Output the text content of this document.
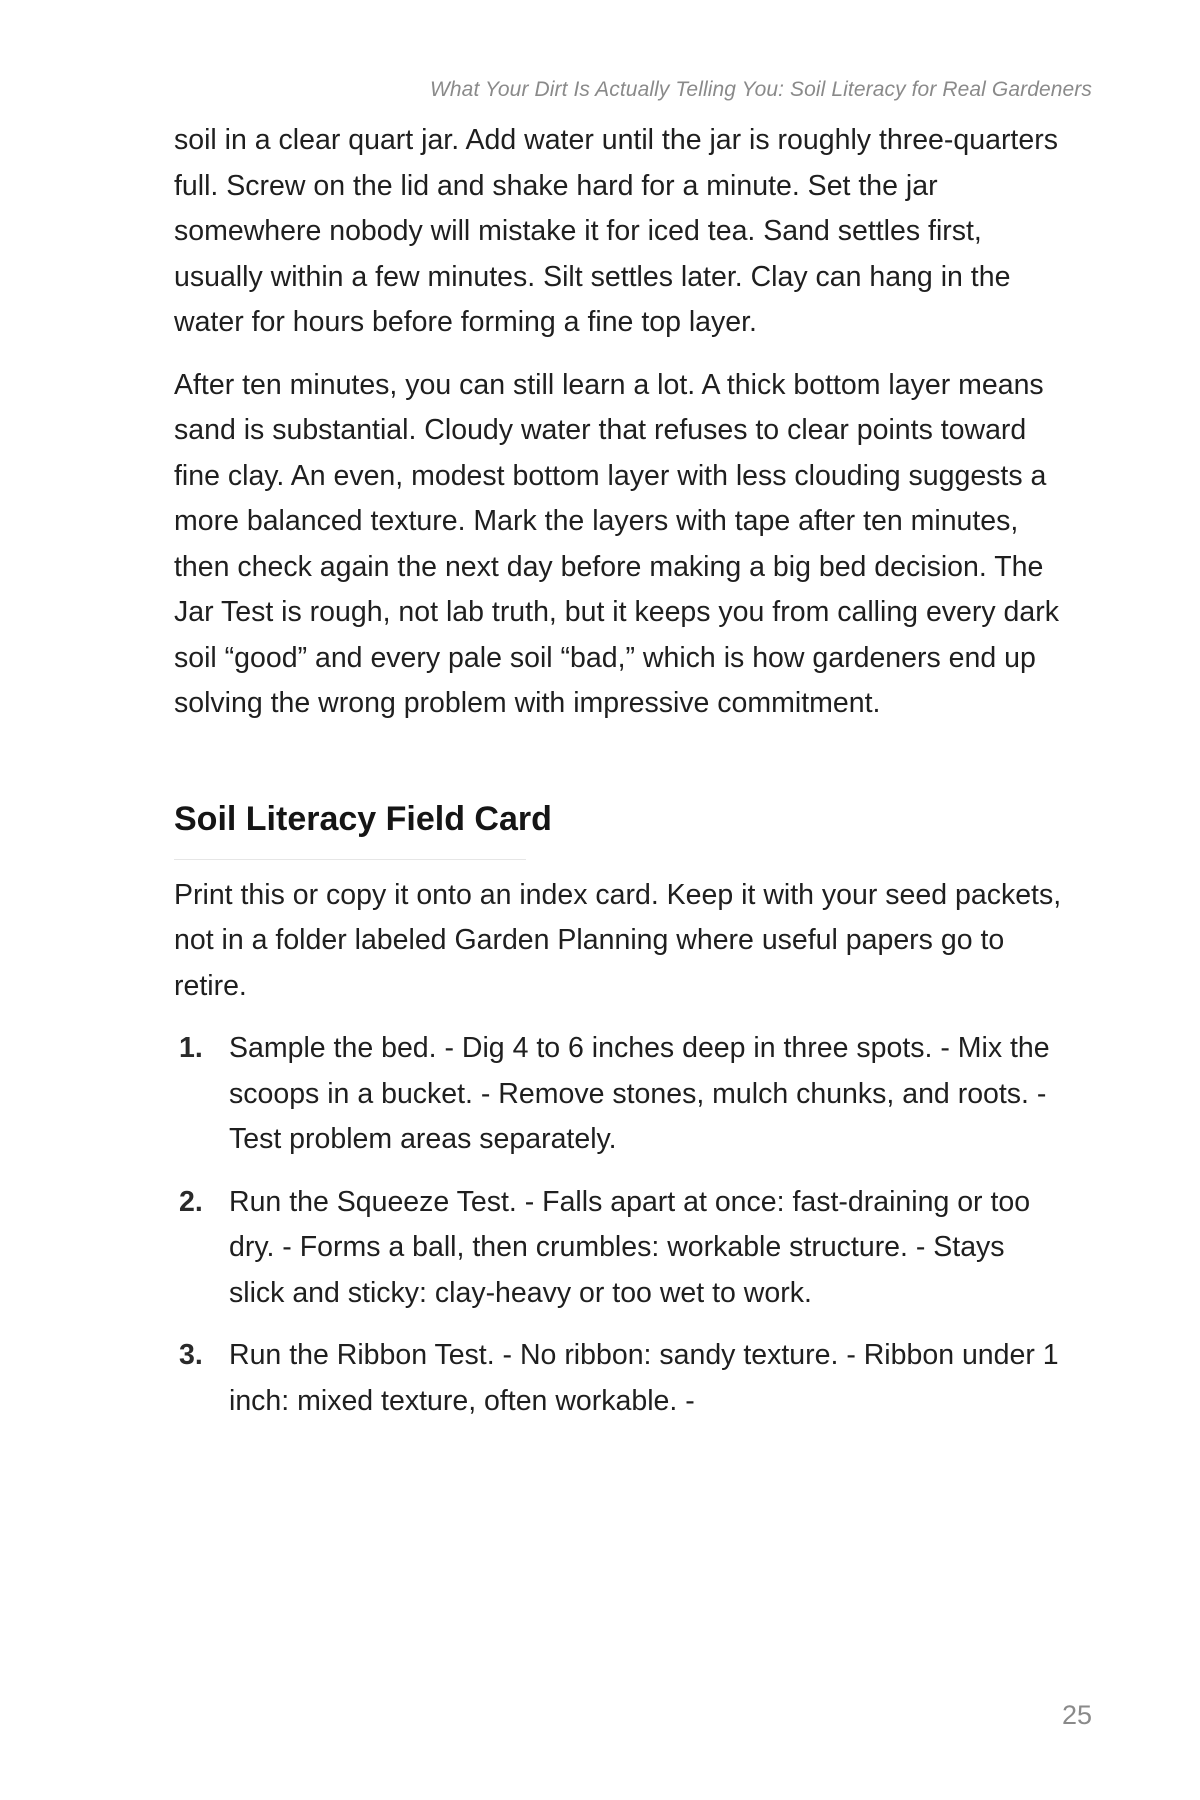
What Your Dirt Is Actually Telling You: Soil Literacy for Real Gardeners

soil in a clear quart jar. Add water until the jar is roughly three-quarters full. Screw on the lid and shake hard for a minute. Set the jar somewhere nobody will mistake it for iced tea. Sand settles first, usually within a few minutes. Silt settles later. Clay can hang in the water for hours before forming a fine top layer.

After ten minutes, you can still learn a lot. A thick bottom layer means sand is substantial. Cloudy water that refuses to clear points toward fine clay. An even, modest bottom layer with less clouding suggests a more balanced texture. Mark the layers with tape after ten minutes, then check again the next day before making a big bed decision. The Jar Test is rough, not lab truth, but it keeps you from calling every dark soil “good” and every pale soil “bad,” which is how gardeners end up solving the wrong problem with impressive commitment.

Soil Literacy Field Card

Print this or copy it onto an index card. Keep it with your seed packets, not in a folder labeled Garden Planning where useful papers go to retire.

1. Sample the bed. - Dig 4 to 6 inches deep in three spots. - Mix the scoops in a bucket. - Remove stones, mulch chunks, and roots. - Test problem areas separately.
2. Run the Squeeze Test. - Falls apart at once: fast-draining or too dry. - Forms a ball, then crumbles: workable structure. - Stays slick and sticky: clay-heavy or too wet to work.
3. Run the Ribbon Test. - No ribbon: sandy texture. - Ribbon under 1 inch: mixed texture, often workable. -
25
